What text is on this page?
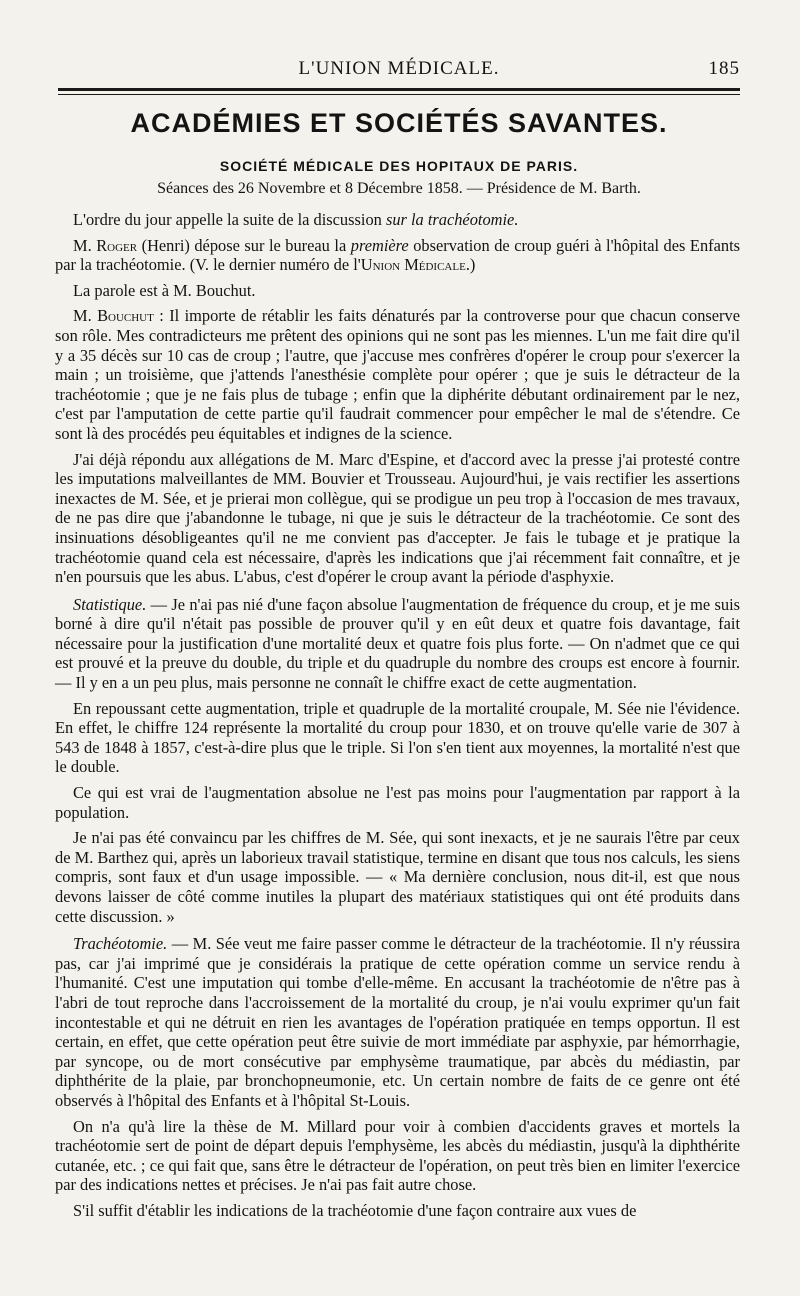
L'UNION MÉDICALE.	185
ACADÉMIES ET SOCIÉTÉS SAVANTES.
SOCIÉTÉ MÉDICALE DES HOPITAUX DE PARIS.
Séances des 26 Novembre et 8 Décembre 1858. — Présidence de M. Barth.

L'ordre du jour appelle la suite de la discussion sur la trachéotomie.

M. Roger (Henri) dépose sur le bureau la première observation de croup guéri à l'hôpital des Enfants par la trachéotomie. (V. le dernier numéro de l'Union Médicale.)

La parole est à M. Bouchut.

M. Bouchut : Il importe de rétablir les faits dénaturés par la controverse pour que chacun conserve son rôle. Mes contradicteurs me prêtent des opinions qui ne sont pas les miennes. L'un me fait dire qu'il y a 35 décès sur 10 cas de croup ; l'autre, que j'accuse mes confrères d'opérer le croup pour s'exercer la main ; un troisième, que j'attends l'anesthésie complète pour opérer ; que je suis le détracteur de la trachéotomie ; que je ne fais plus de tubage ; enfin que la diphérite débutant ordinairement par le nez, c'est par l'amputation de cette partie qu'il faudrait commencer pour empêcher le mal de s'étendre. Ce sont là des procédés peu équitables et indignes de la science.

J'ai déjà répondu aux allégations de M. Marc d'Espine, et d'accord avec la presse j'ai protesté contre les imputations malveillantes de MM. Bouvier et Trousseau. Aujourd'hui, je vais rectifier les assertions inexactes de M. Sée, et je prierai mon collègue, qui se prodigue un peu trop à l'occasion de mes travaux, de ne pas dire que j'abandonne le tubage, ni que je suis le détracteur de la trachéotomie. Ce sont des insinuations désobligeantes qu'il ne me convient pas d'accepter. Je fais le tubage et je pratique la trachéotomie quand cela est nécessaire, d'après les indications que j'ai récemment fait connaître, et je n'en poursuis que les abus. L'abus, c'est d'opérer le croup avant la période d'asphyxie.

Statistique. — Je n'ai pas nié d'une façon absolue l'augmentation de fréquence du croup, et je me suis borné à dire qu'il n'était pas possible de prouver qu'il y en eût deux et quatre fois davantage, fait nécessaire pour la justification d'une mortalité deux et quatre fois plus forte. — On n'admet que ce qui est prouvé et la preuve du double, du triple et du quadruple du nombre des croups est encore à fournir. — Il y en a un peu plus, mais personne ne connaît le chiffre exact de cette augmentation.

En repoussant cette augmentation, triple et quadruple de la mortalité croupale, M. Sée nie l'évidence. En effet, le chiffre 124 représente la mortalité du croup pour 1830, et on trouve qu'elle varie de 307 à 543 de 1848 à 1857, c'est-à-dire plus que le triple. Si l'on s'en tient aux moyennes, la mortalité n'est que le double.

Ce qui est vrai de l'augmentation absolue ne l'est pas moins pour l'augmentation par rapport à la population.

Je n'ai pas été convaincu par les chiffres de M. Sée, qui sont inexacts, et je ne saurais l'être par ceux de M. Barthez qui, après un laborieux travail statistique, termine en disant que tous nos calculs, les siens compris, sont faux et d'un usage impossible. — « Ma dernière conclusion, nous dit-il, est que nous devons laisser de côté comme inutiles la plupart des matériaux statistiques qui ont été produits dans cette discussion. »

Trachéotomie. — M. Sée veut me faire passer comme le détracteur de la trachéotomie. Il n'y réussira pas, car j'ai imprimé que je considérais la pratique de cette opération comme un service rendu à l'humanité. C'est une imputation qui tombe d'elle-même. En accusant la trachéotomie de n'être pas à l'abri de tout reproche dans l'accroissement de la mortalité du croup, je n'ai voulu exprimer qu'un fait incontestable et qui ne détruit en rien les avantages de l'opération pratiquée en temps opportun. Il est certain, en effet, que cette opération peut être suivie de mort immédiate par asphyxie, par hémorrhagie, par syncope, ou de mort consécutive par emphysème traumatique, par abcès du médiastin, par diphthérite de la plaie, par bronchopneumonie, etc. Un certain nombre de faits de ce genre ont été observés à l'hôpital des Enfants et à l'hôpital St-Louis.

On n'a qu'à lire la thèse de M. Millard pour voir à combien d'accidents graves et mortels la trachéotomie sert de point de départ depuis l'emphysème, les abcès du médiastin, jusqu'à la diphthérite cutanée, etc. ; ce qui fait que, sans être le détracteur de l'opération, on peut très bien en limiter l'exercice par des indications nettes et précises. Je n'ai pas fait autre chose.

S'il suffit d'établir les indications de la trachéotomie d'une façon contraire aux vues de
